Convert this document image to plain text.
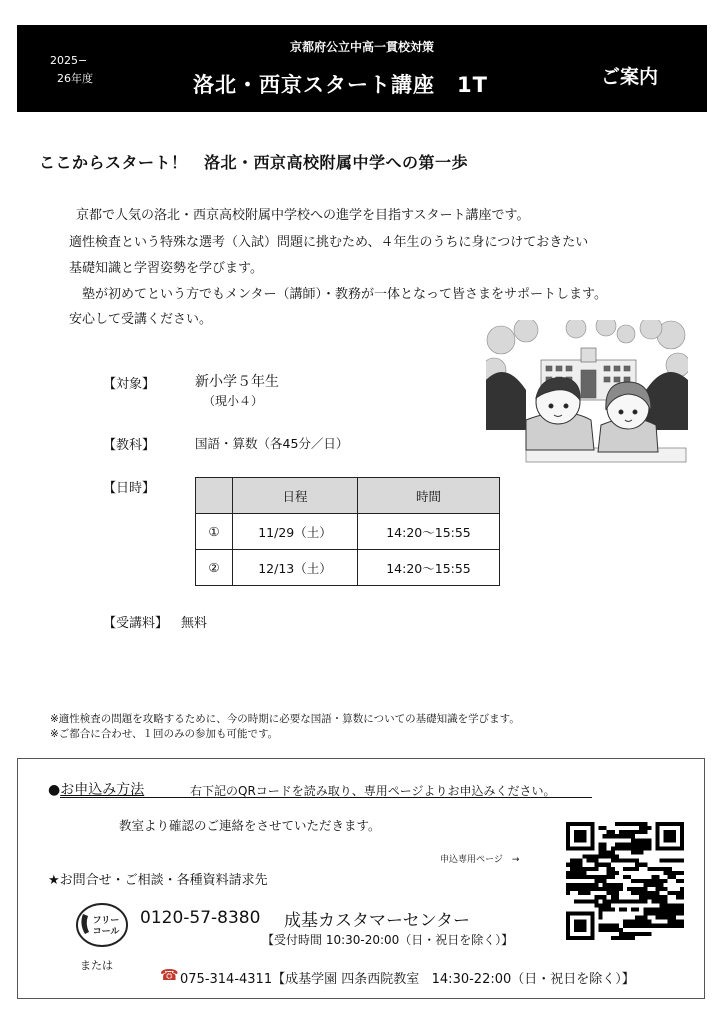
2025−
26年度
京都府公立中高一貫校対策
洛北・西京スタート講座　1T	ご案内
ここからスタート！　洛北・西京高校附属中学への第一歩
京都で人気の洛北・西京高校附属中学校への進学を目指すスタート講座です。
適性検査という特殊な選考（入試）問題に挑むため、４年生のうちに身につけておきたい
基礎知識と学習姿勢を学びます。
塾が初めてという方でもメンター（講師）・教務が一体となって皆さまをサポートします。
安心して受講ください。
【対象】	新小学５年生
（現小４）
【教科】	国語・算数（各45分／日）
【日時】
		日程	時間
①	11/29（土）	14:20〜15:55
②	12/13（土）	14:20〜15:55
【受講料】 無料
※適性検査の問題を攻略するために、今の時期に必要な国語・算数についての基礎知識を学びます。
※ご都合に合わせ、１回のみの参加も可能です。
●お申込み方法	右下記のQRコードを読み取り、専用ページよりお申込みください。
教室より確認のご連絡をさせていただきます。
申込専用ページ　→
★お問合せ・ご相談・各種資料請求先
フリー
コール
0120-57-8380 成基カスタマーセンター
【受付時間 10:30-20:00（日・祝日を除く）】
または
☎ 075-314-4311【成基学園 四条西院教室 14:30-22:00（日・祝日を除く）】
